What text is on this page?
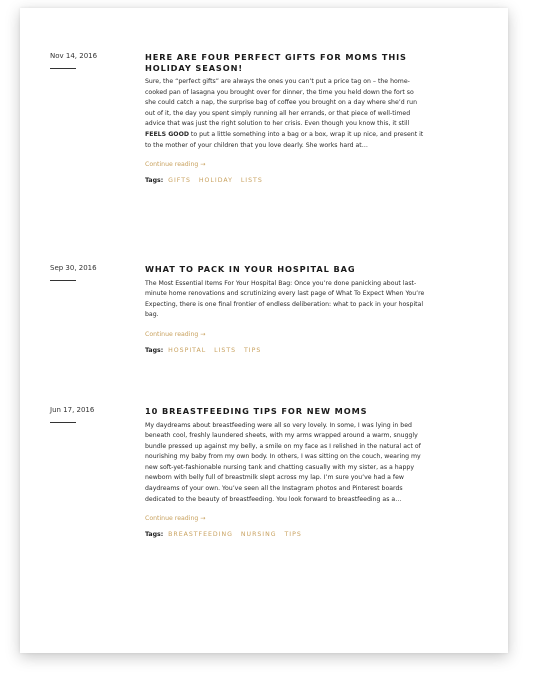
Nov 14, 2016	HERE ARE FOUR PERFECT GIFTS FOR MOMS THIS HOLIDAY SEASON!

Sure, the “perfect gifts” are always the ones you can’t put a price tag on – the home-cooked pan of lasagna you brought over for dinner, the time you held down the fort so she could catch a nap, the surprise bag of coffee you brought on a day where she’d run out of it, the day you spent simply running all her errands, or that piece of well-timed advice that was just the right solution to her crisis. Even though you know this, it still FEELS GOOD to put a little something into a bag or a box, wrap it up nice, and present it to the mother of your children that you love dearly. She works hard at…

Continue reading →
Tags: GIFTS HOLIDAY LISTS
Sep 30, 2016	WHAT TO PACK IN YOUR HOSPITAL BAG

The Most Essential Items For Your Hospital Bag: Once you’re done panicking about last-minute home renovations and scrutinizing every last page of What To Expect When You’re Expecting, there is one final frontier of endless deliberation: what to pack in your hospital bag.

Continue reading →
Tags: HOSPITAL LISTS TIPS
Jun 17, 2016	10 BREASTFEEDING TIPS FOR NEW MOMS

My daydreams about breastfeeding were all so very lovely. In some, I was lying in bed beneath cool, freshly laundered sheets, with my arms wrapped around a warm, snuggly bundle pressed up against my belly, a smile on my face as I relished in the natural act of nourishing my baby from my own body. In others, I was sitting on the couch, wearing my new soft-yet-fashionable nursing tank and chatting casually with my sister, as a happy newborn with belly full of breastmilk slept across my lap. I’m sure you’ve had a few daydreams of your own. You’ve seen all the Instagram photos and Pinterest boards dedicated to the beauty of breastfeeding. You look forward to breastfeeding as a…

Continue reading →
Tags: BREASTFEEDING NURSING TIPS
